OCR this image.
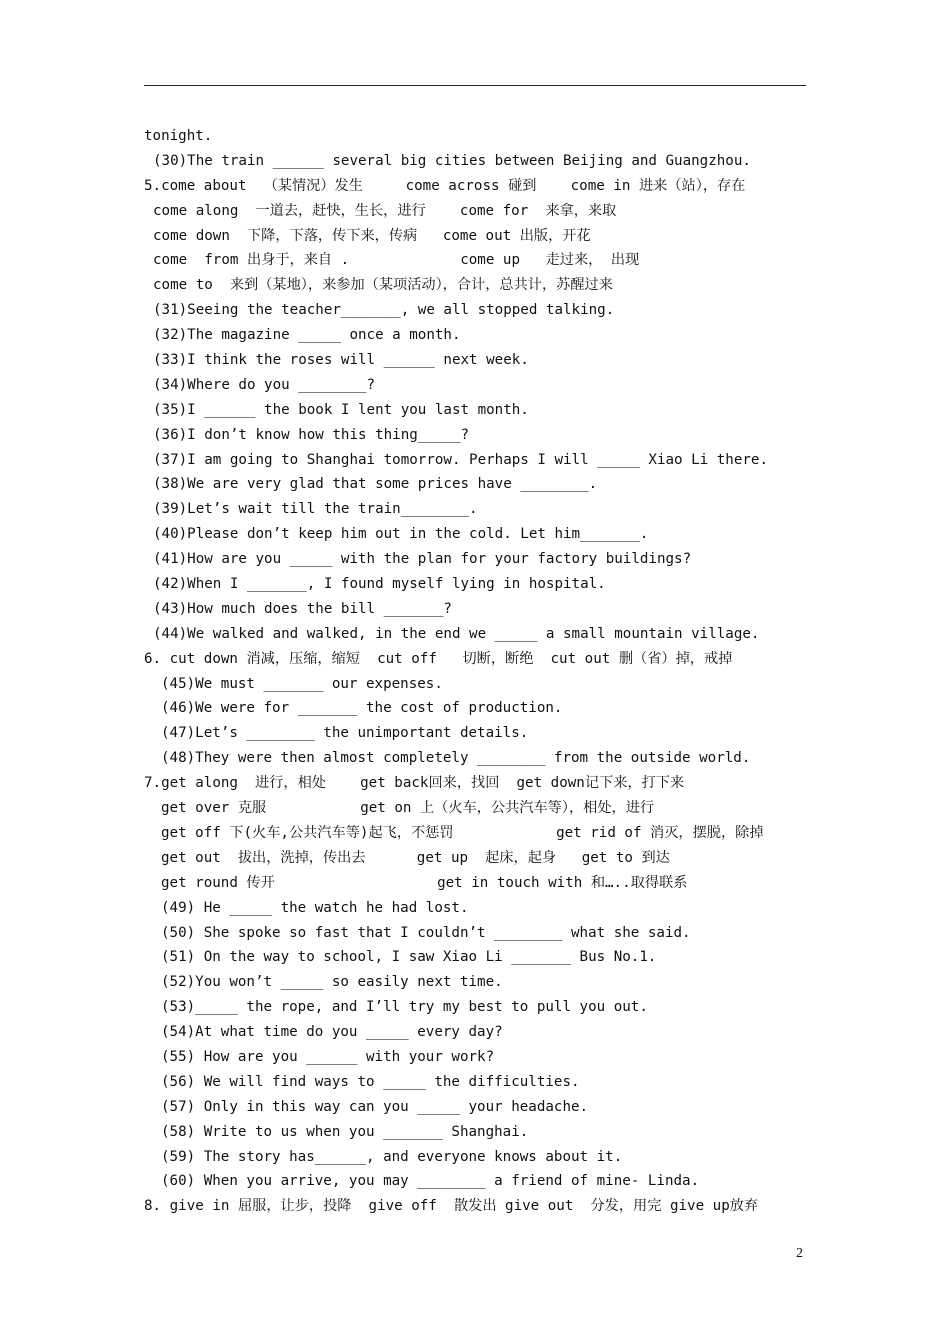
tonight.
(30)The train ______ several big cities between Beijing and Guangzhou.
5.come about  （某情况）发生     come across 碰到    come in 进来（站），存在
come along  一道去，赶快，生长，进行    come for  来拿，来取
come down  下降，下落，传下来，传病   come out 出版，开花
come  from 出身于，来自 .             come up   走过来， 出现
come to  来到（某地），来参加（某项活动），合计，总共计，苏醒过来
(31)Seeing the teacher_______, we all stopped talking.
(32)The magazine _____ once a month.
(33)I think the roses will ______ next week.
(34)Where do you ________?
(35)I ______ the book I lent you last month.
(36)I don’t know how this thing_____?
(37)I am going to Shanghai tomorrow. Perhaps I will _____ Xiao Li there.
(38)We are very glad that some prices have ________.
(39)Let’s wait till the train________.
(40)Please don’t keep him out in the cold. Let him_______.
(41)How are you _____ with the plan for your factory buildings?
(42)When I _______, I found myself lying in hospital.
(43)How much does the bill _______?
(44)We walked and walked, in the end we _____ a small mountain village.
6. cut down 消减，压缩，缩短  cut off   切断，断绝  cut out 删（省）掉，戒掉
(45)We must _______ our expenses.
(46)We were for _______ the cost of production.
(47)Let’s ________ the unimportant details.
(48)They were then almost completely ________ from the outside world.
7.get along  进行，相处    get back回来，找回  get down记下来，打下来
get over 克服           get on 上（火车，公共汽车等），相处，进行
get off 下(火车,公共汽车等)起飞，不惩罚            get rid of 消灭，摆脱，除掉
get out  拔出，洗掉，传出去      get up  起床，起身   get to 到达
get round 传开                   get in touch with 和…..取得联系
(49) He _____ the watch he had lost.
(50) She spoke so fast that I couldn’t ________ what she said.
(51) On the way to school, I saw Xiao Li _______ Bus No.1.
(52)You won’t _____ so easily next time.
(53)_____ the rope, and I’ll try my best to pull you out.
(54)At what time do you _____ every day?
(55) How are you ______ with your work?
(56) We will find ways to _____ the difficulties.
(57) Only in this way can you _____ your headache.
(58) Write to us when you _______ Shanghai.
(59) The story has______, and everyone knows about it.
(60) When you arrive, you may ________ a friend of mine- Linda.
8. give in 屈服，让步，投降  give off  散发出 give out  分发，用完 give up放弃
2
